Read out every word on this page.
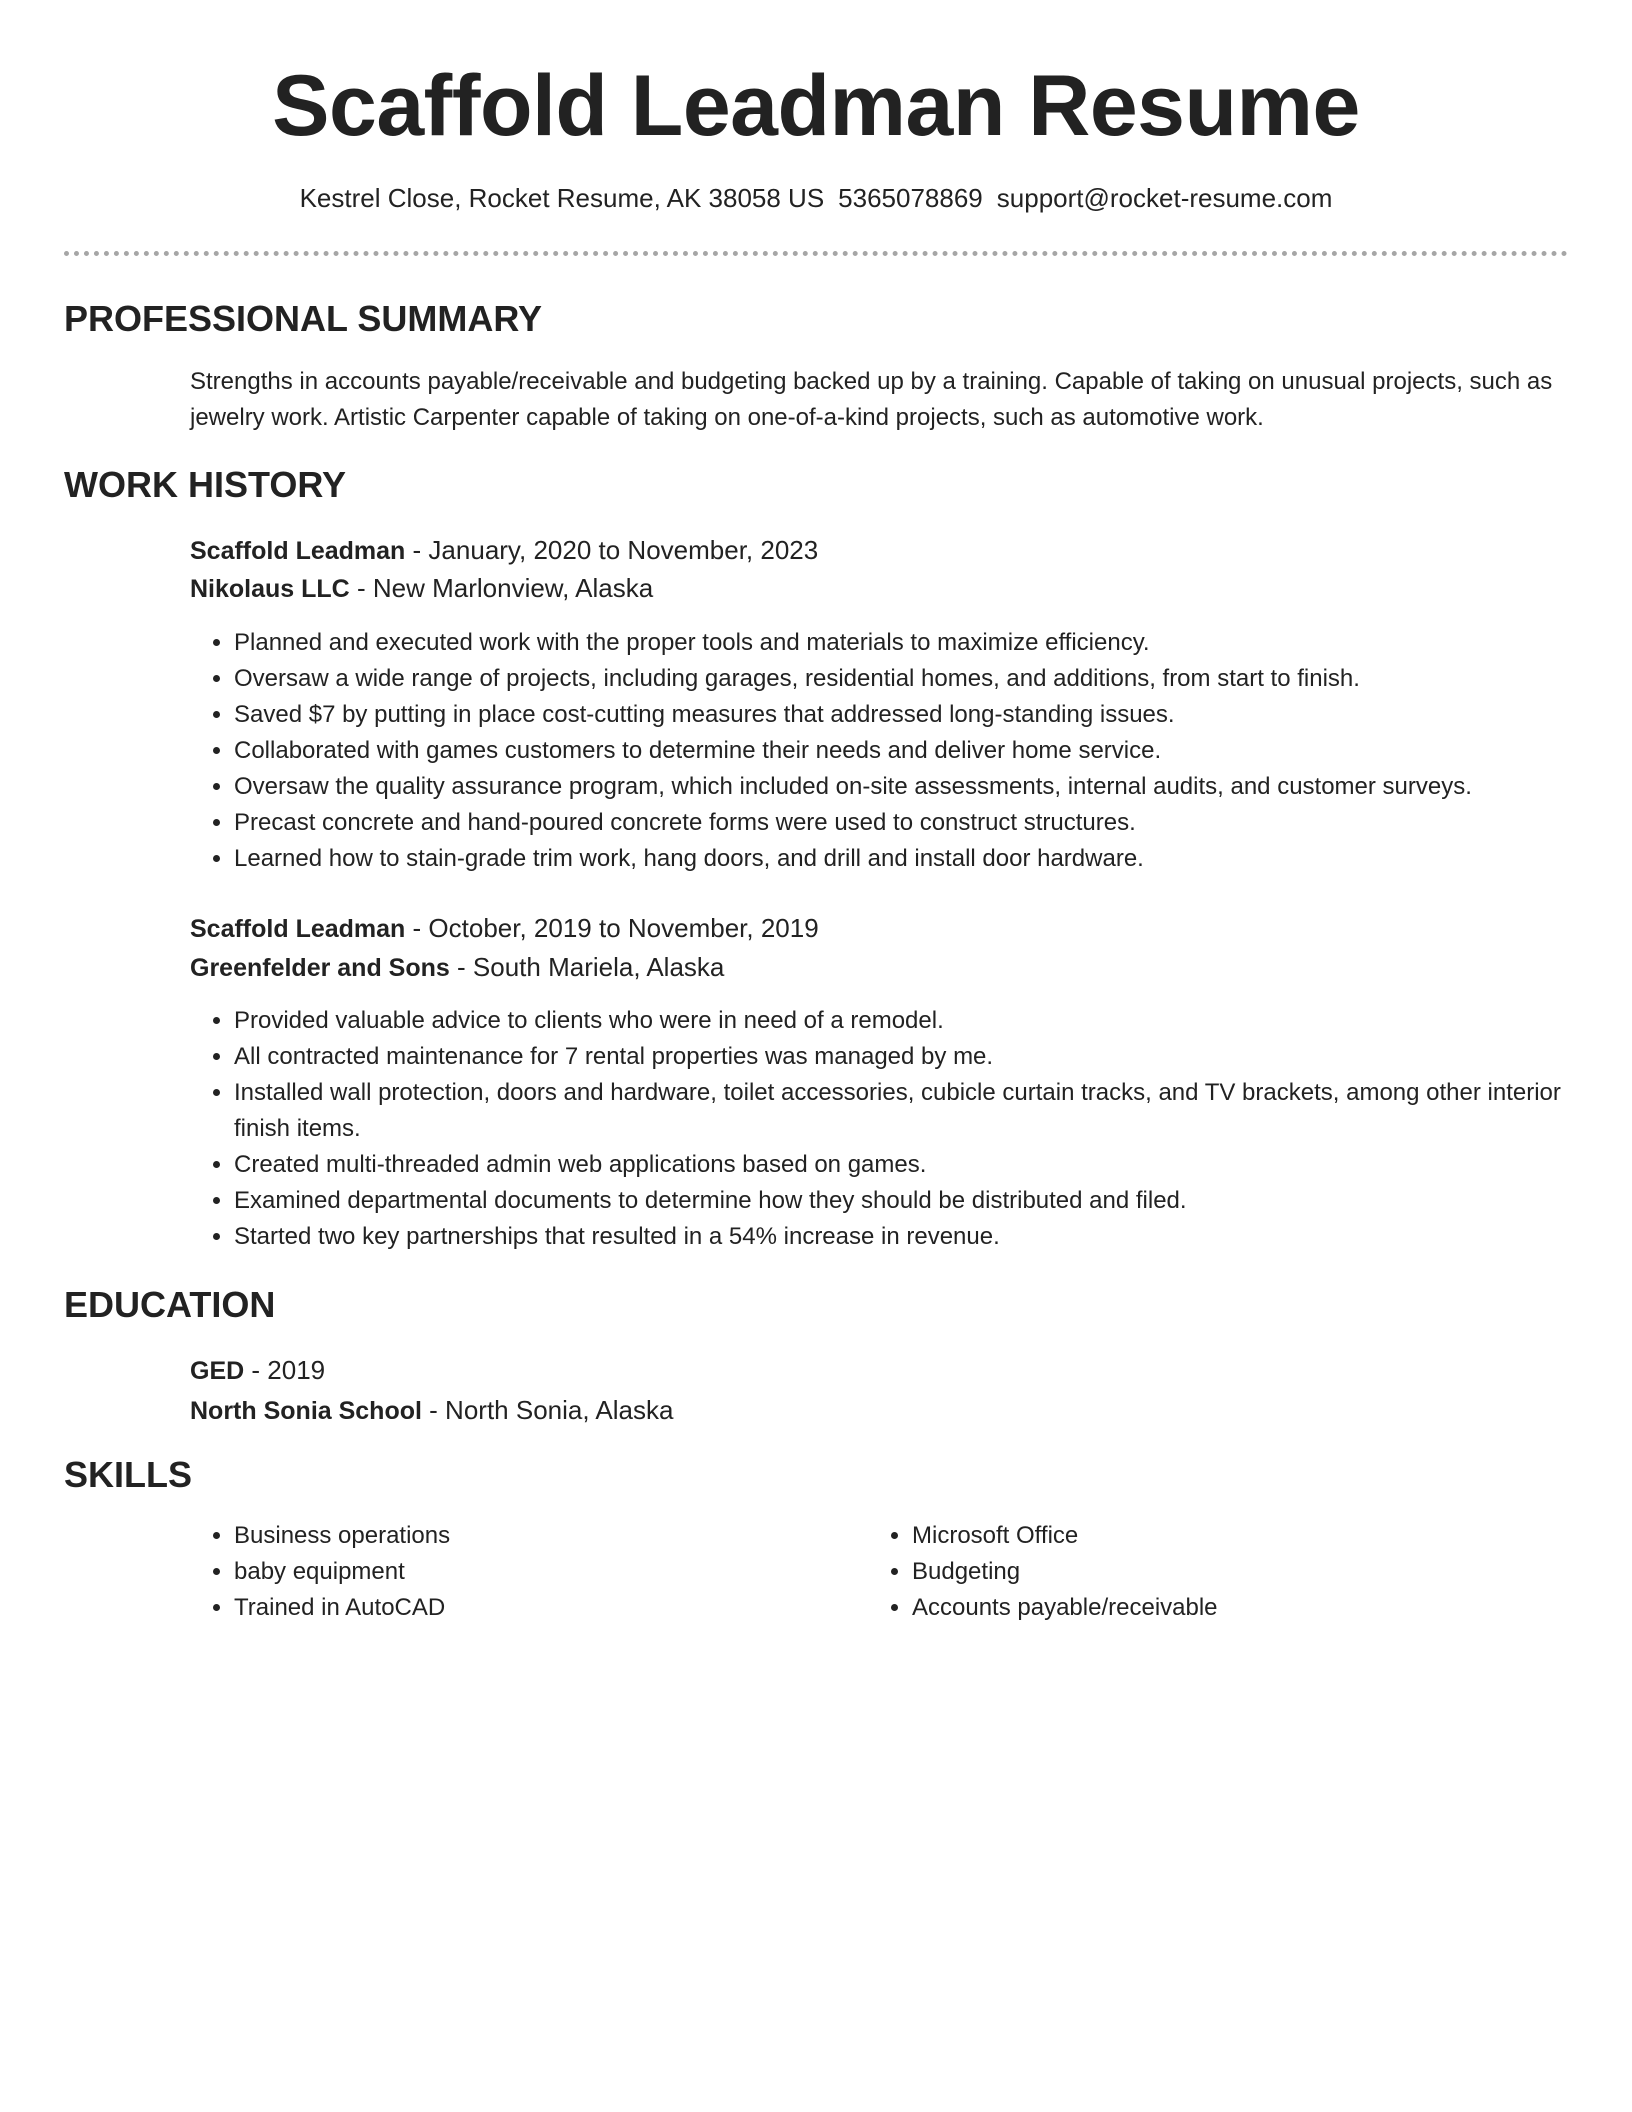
Scaffold Leadman Resume
Kestrel Close, Rocket Resume, AK 38058 US 5365078869 support@rocket-resume.com
PROFESSIONAL SUMMARY

Strengths in accounts payable/receivable and budgeting backed up by a training. Capable of taking on unusual projects, such as jewelry work. Artistic Carpenter capable of taking on one-of-a-kind projects, such as automotive work.

WORK HISTORY

Scaffold Leadman - January, 2020 to November, 2023

Nikolaus LLC - New Marlonview, Alaska

• Planned and executed work with the proper tools and materials to maximize efficiency.
• Oversaw a wide range of projects, including garages, residential homes, and additions, from start to finish.
• Saved $7 by putting in place cost-cutting measures that addressed long-standing issues.
• Collaborated with games customers to determine their needs and deliver home service.
• Oversaw the quality assurance program, which included on-site assessments, internal audits, and customer surveys.
• Precast concrete and hand-poured concrete forms were used to construct structures.
• Learned how to stain-grade trim work, hang doors, and drill and install door hardware.

Scaffold Leadman - October, 2019 to November, 2019

Greenfelder and Sons - South Mariela, Alaska

• Provided valuable advice to clients who were in need of a remodel.
• All contracted maintenance for 7 rental properties was managed by me.
• Installed wall protection, doors and hardware, toilet accessories, cubicle curtain tracks, and TV brackets, among other interior finish items.
• Created multi-threaded admin web applications based on games.
• Examined departmental documents to determine how they should be distributed and filed.
• Started two key partnerships that resulted in a 54% increase in revenue.
EDUCATION

GED - 2019

North Sonia School - North Sonia, Alaska

SKILLS
• Business operations
• baby equipment
• Trained in AutoCAD
• Microsoft Office
• Budgeting
• Accounts payable/receivable
